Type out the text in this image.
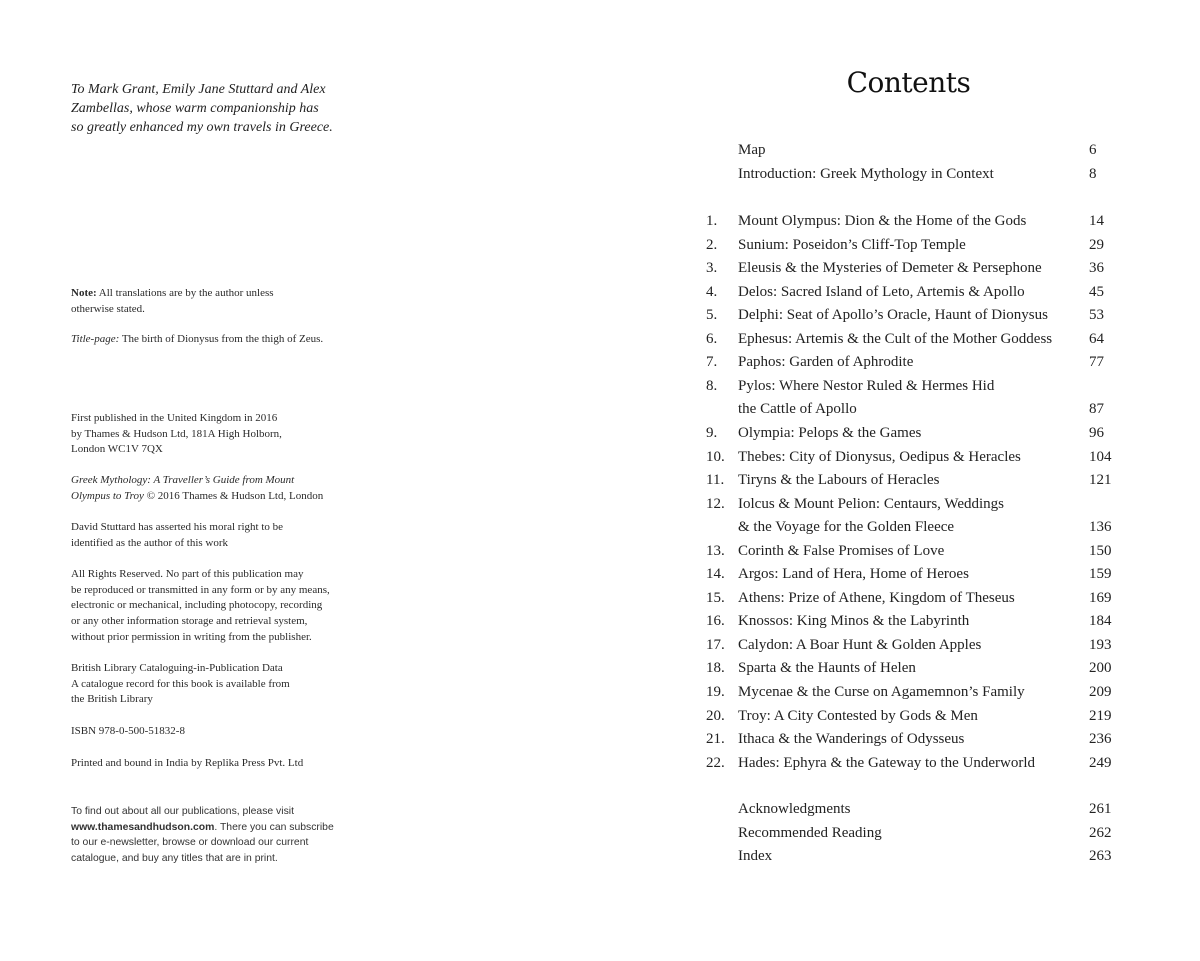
To Mark Grant, Emily Jane Stuttard and Alex
Zambellas, whose warm companionship has
so greatly enhanced my own travels in Greece.
Note: All translations are by the author unless
otherwise stated.
Title-page: The birth of Dionysus from the thigh of Zeus.
First published in the United Kingdom in 2016
by Thames & Hudson Ltd, 181A High Holborn,
London WC1V 7QX
Greek Mythology: A Traveller’s Guide from Mount
Olympus to Troy © 2016 Thames & Hudson Ltd, London
David Stuttard has asserted his moral right to be
identified as the author of this work
All Rights Reserved. No part of this publication may
be reproduced or transmitted in any form or by any means,
electronic or mechanical, including photocopy, recording
or any other information storage and retrieval system,
without prior permission in writing from the publisher.
British Library Cataloguing-in-Publication Data
A catalogue record for this book is available from
the British Library
ISBN 978-0-500-51832-8
Printed and bound in India by Replika Press Pvt. Ltd
To find out about all our publications, please visit
www.thamesandhudson.com. There you can subscribe
to our e-newsletter, browse or download our current
catalogue, and buy any titles that are in print.
Contents
Map	6
Introduction: Greek Mythology in Context	8
1. Mount Olympus: Dion & the Home of the Gods	14
2. Sunium: Poseidon’s Cliff-Top Temple	29
3. Eleusis & the Mysteries of Demeter & Persephone	36
4. Delos: Sacred Island of Leto, Artemis & Apollo	45
5. Delphi: Seat of Apollo’s Oracle, Haunt of Dionysus	53
6. Ephesus: Artemis & the Cult of the Mother Goddess 64
7. Paphos: Garden of Aphrodite	77
8. Pylos: Where Nestor Ruled & Hermes Hid
the Cattle of Apollo	87
9. Olympia: Pelops & the Games	96
10. Thebes: City of Dionysus, Oedipus & Heracles	104
11. Tiryns & the Labours of Heracles	121
12. Iolcus & Mount Pelion: Centaurs, Weddings
& the Voyage for the Golden Fleece	136
13. Corinth & False Promises of Love	150
14. Argos: Land of Hera, Home of Heroes	159
15. Athens: Prize of Athene, Kingdom of Theseus	169
16. Knossos: King Minos & the Labyrinth	184
17. Calydon: A Boar Hunt & Golden Apples	193
18. Sparta & the Haunts of Helen	200
19. Mycenae & the Curse on Agamemnon’s Family	209
20. Troy: A City Contested by Gods & Men	219
21. Ithaca & the Wanderings of Odysseus	236
22. Hades: Ephyra & the Gateway to the Underworld	249
Acknowledgments	261
Recommended Reading	262
Index	263
